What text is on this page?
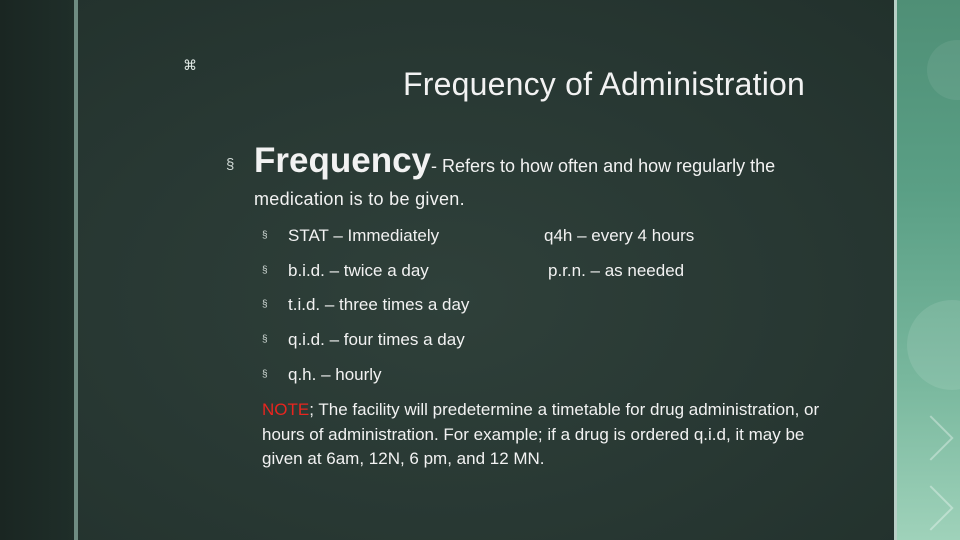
⌘
Frequency of Administration
§ Frequency- Refers to how often and how regularly the
medication is to be given.
§ STAT – Immediately
§ b.i.d. – twice a day
§ t.i.d. – three times a day
§ q.i.d. – four times a day
§ q.h. – hourly
q4h – every 4 hours
p.r.n. – as needed
NOTE; The facility will predetermine a timetable for drug administration, or hours of administration. For example; if a drug is ordered q.i.d, it may be given at 6am, 12N, 6 pm, and 12 MN.
